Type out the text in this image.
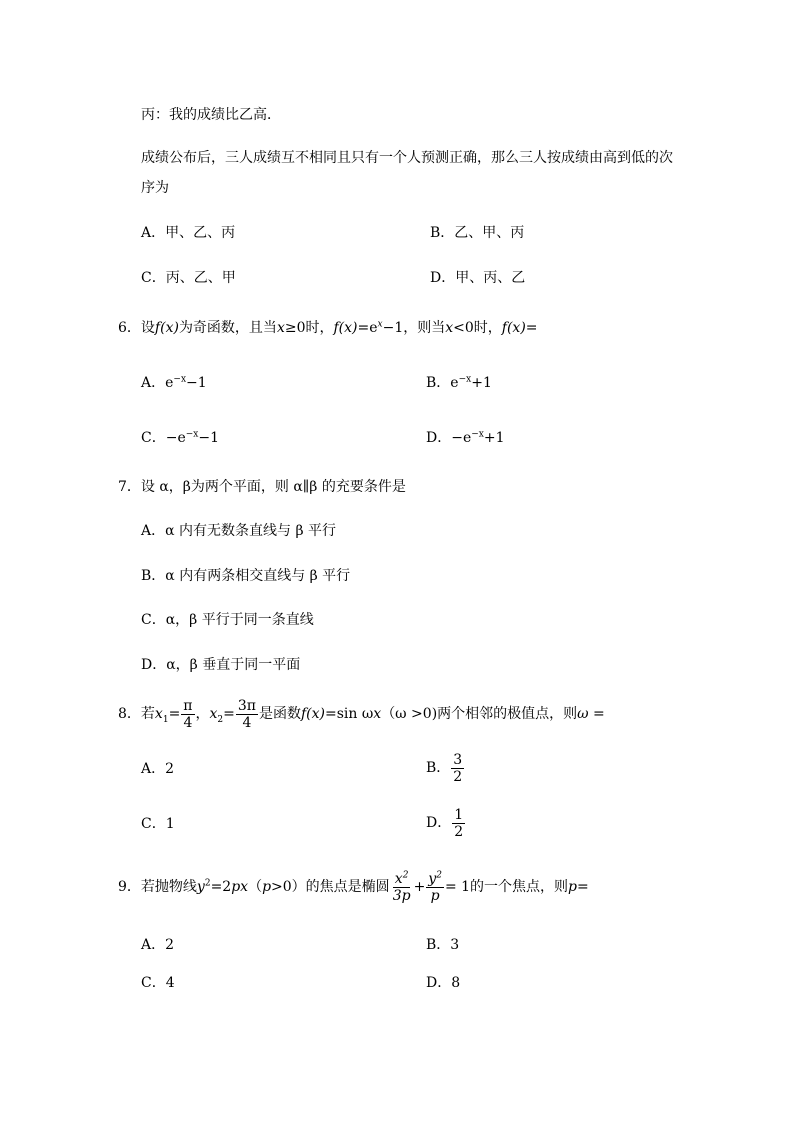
丙：我的成绩比乙高．
成绩公布后，三人成绩互不相同且只有一个人预测正确，那么三人按成绩由高到低的次
序为
A．甲、乙、丙	B．乙、甲、丙
C．丙、乙、甲	D．甲、丙、乙
6．设f(x)为奇函数，且当x≥0时，$f(x)=e^x-1$，则当x<0时，f(x)=
A．$e^{-x}-1$	B．$e^{-x}+1$
C．$-e^{-x}-1$	D．$-e^{-x}+1$
7．设 α，β为两个平面，则 α∥β 的充要条件是
A．α 内有无数条直线与 β 平行
B．α 内有两条相交直线与 β 平行
C．α，β 平行于同一条直线
D．α，β 垂直于同一平面
8．若$x_1= \frac{\pi}{4}$ ，$x_2= \frac{3\pi}{4}$ 是函数f(x)=sin ωx（ω >0)两个相邻的极值点，则ω =
A．2	B． $\frac{3}{2}$
C．1	D． $\frac{1}{2}$
9．若抛物线$y^2=2px(p>0)$的焦点是椭圆 $\frac{x^2}{3p} + \frac{y^2}{p} = 1$的一个焦点，则p=
A．2	B．3
C．4	D．8
